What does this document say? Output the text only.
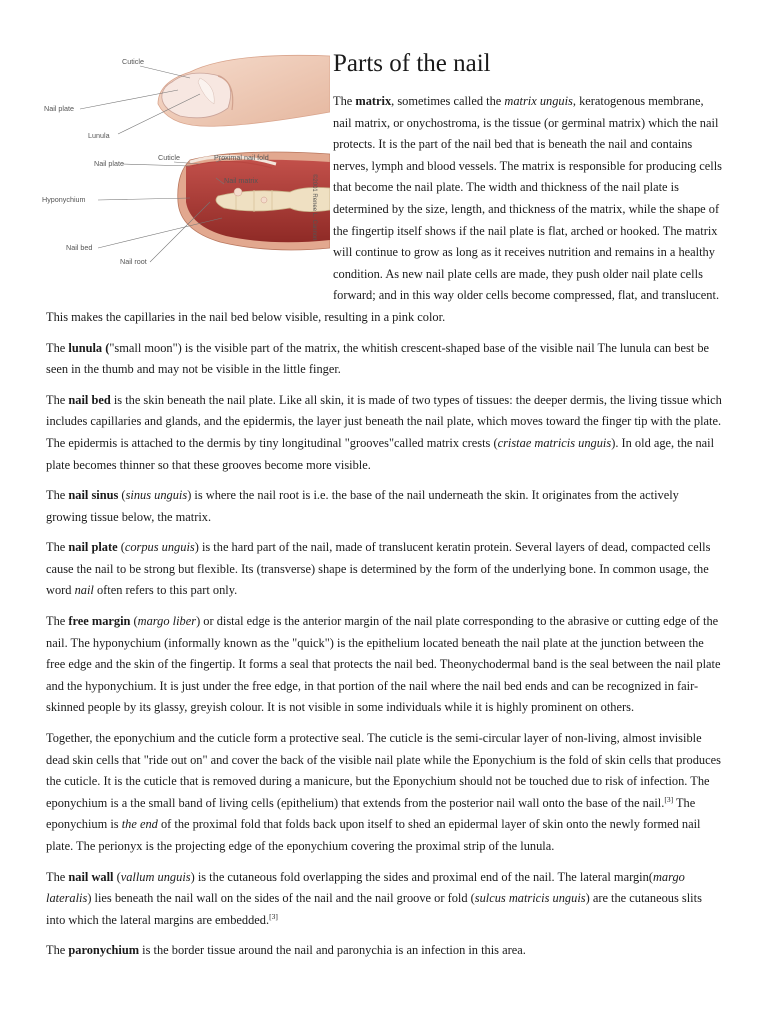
Cuticle
Nail plate
Lunula
Nail plate
Cuticle	Proximal nail fold
Nail matrix
Hyponychium
Nail bed
Nail root
©2001 Renee L. Cannon
Parts of the nail

The matrix, sometimes called the matrix unguis, keratogenous membrane, nail matrix, or onychostroma, is the tissue (or germinal matrix) which the nail protects. It is the part of the nail bed that is beneath the nail and contains nerves, lymph and blood vessels. The matrix is responsible for producing cells that become the nail plate. The width and thickness of the nail plate is determined by the size, length, and thickness of the matrix, while the shape of the fingertip itself shows if the nail plate is flat, arched or hooked. The matrix will continue to grow as long as it receives nutrition and remains in a healthy condition. As new nail plate cells are made, they push older nail plate cells forward; and in this way older cells become compressed, flat, and translucent. This makes the capillaries in the nail bed below visible, resulting in a pink color.

The lunula ("small moon") is the visible part of the matrix, the whitish crescent-shaped base of the visible nail The lunula can best be seen in the thumb and may not be visible in the little finger.

The nail bed is the skin beneath the nail plate. Like all skin, it is made of two types of tissues: the deeper dermis, the living tissue which includes capillaries and glands, and the epidermis, the layer just beneath the nail plate, which moves toward the finger tip with the plate. The epidermis is attached to the dermis by tiny longitudinal "grooves"called matrix crests (cristae matricis unguis). In old age, the nail plate becomes thinner so that these grooves become more visible.

The nail sinus (sinus unguis) is where the nail root is i.e. the base of the nail underneath the skin. It originates from the actively growing tissue below, the matrix.

The nail plate (corpus unguis) is the hard part of the nail, made of translucent keratin protein. Several layers of dead, compacted cells cause the nail to be strong but flexible. Its (transverse) shape is determined by the form of the underlying bone. In common usage, the word nail often refers to this part only.

The free margin (margo liber) or distal edge is the anterior margin of the nail plate corresponding to the abrasive or cutting edge of the nail. The hyponychium (informally known as the "quick") is the epithelium located beneath the nail plate at the junction between the free edge and the skin of the fingertip. It forms a seal that protects the nail bed. Theonychodermal band is the seal between the nail plate and the hyponychium. It is just under the free edge, in that portion of the nail where the nail bed ends and can be recognized in fair-skinned people by its glassy, greyish colour. It is not visible in some individuals while it is highly prominent on others.

Together, the eponychium and the cuticle form a protective seal. The cuticle is the semi-circular layer of non-living, almost invisible dead skin cells that "ride out on" and cover the back of the visible nail plate while the Eponychium is the fold of skin cells that produces the cuticle. It is the cuticle that is removed during a manicure, but the Eponychium should not be touched due to risk of infection. The eponychium is a the small band of living cells (epithelium) that extends from the posterior nail wall onto the base of the nail.[3] The eponychium is the end of the proximal fold that folds back upon itself to shed an epidermal layer of skin onto the newly formed nail plate. The perionyx is the projecting edge of the eponychium covering the proximal strip of the lunula.

The nail wall (vallum unguis) is the cutaneous fold overlapping the sides and proximal end of the nail. The lateral margin(margo lateralis) lies beneath the nail wall on the sides of the nail and the nail groove or fold (sulcus matricis unguis) are the cutaneous slits into which the lateral margins are embedded.[3]

The paronychium is the border tissue around the nail and paronychia is an infection in this area.
